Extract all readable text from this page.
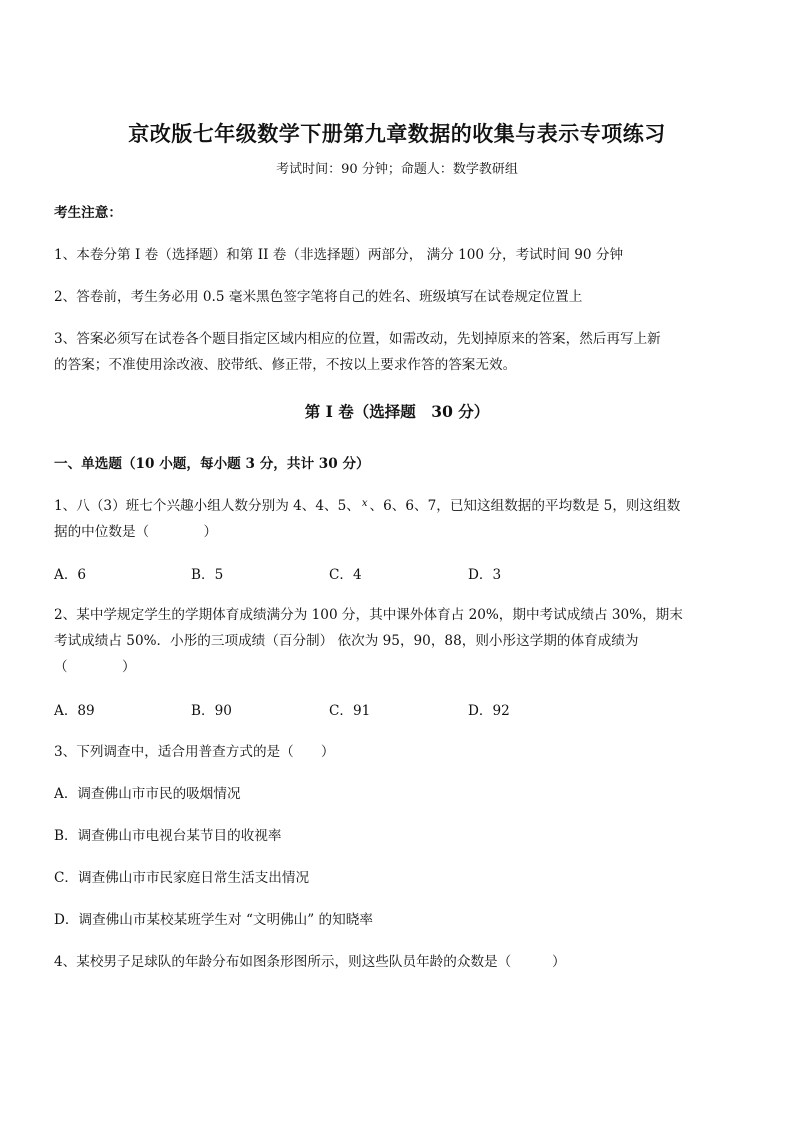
京改版七年级数学下册第九章数据的收集与表示专项练习
考试时间：90 分钟；命题人：数学教研组
考生注意：
1、本卷分第 I 卷（选择题）和第 II 卷（非选择题）两部分， 满分 100 分，考试时间 90 分钟
2、答卷前，考生务必用 0.5 毫米黑色签字笔将自己的姓名、班级填写在试卷规定位置上
3、答案必须写在试卷各个题目指定区域内相应的位置，如需改动，先划掉原来的答案，然后再写上新
的答案；不准使用涂改液、胶带纸、修正带，不按以上要求作答的答案无效。
第 I 卷（选择题　30 分）
一、单选题（10 小题，每小题 3 分，共计 30 分）
1、八（3）班七个兴趣小组人数分别为 4、4、5、 $^x$ 、6、6、7，已知这组数据的平均数是 5，则这组数
据的中位数是（　　　　）
A．6	B．5	C．4	D．3
2、某中学规定学生的学期体育成绩满分为 100 分，其中课外体育占 20%，期中考试成绩占 30%，期末
考试成绩占 50%．小彤的三项成绩（百分制） 依次为 95，90，88，则小彤这学期的体育成绩为
（　　　　）
A．89	B．90	C．91	D．92
3、下列调查中，适合用普查方式的是（　　）
A．调查佛山市市民的吸烟情况
B．调查佛山市电视台某节目的收视率
C．调查佛山市市民家庭日常生活支出情况
D．调查佛山市某校某班学生对 “文明佛山” 的知晓率
4、某校男子足球队的年龄分布如图条形图所示，则这些队员年龄的众数是（　　　）
